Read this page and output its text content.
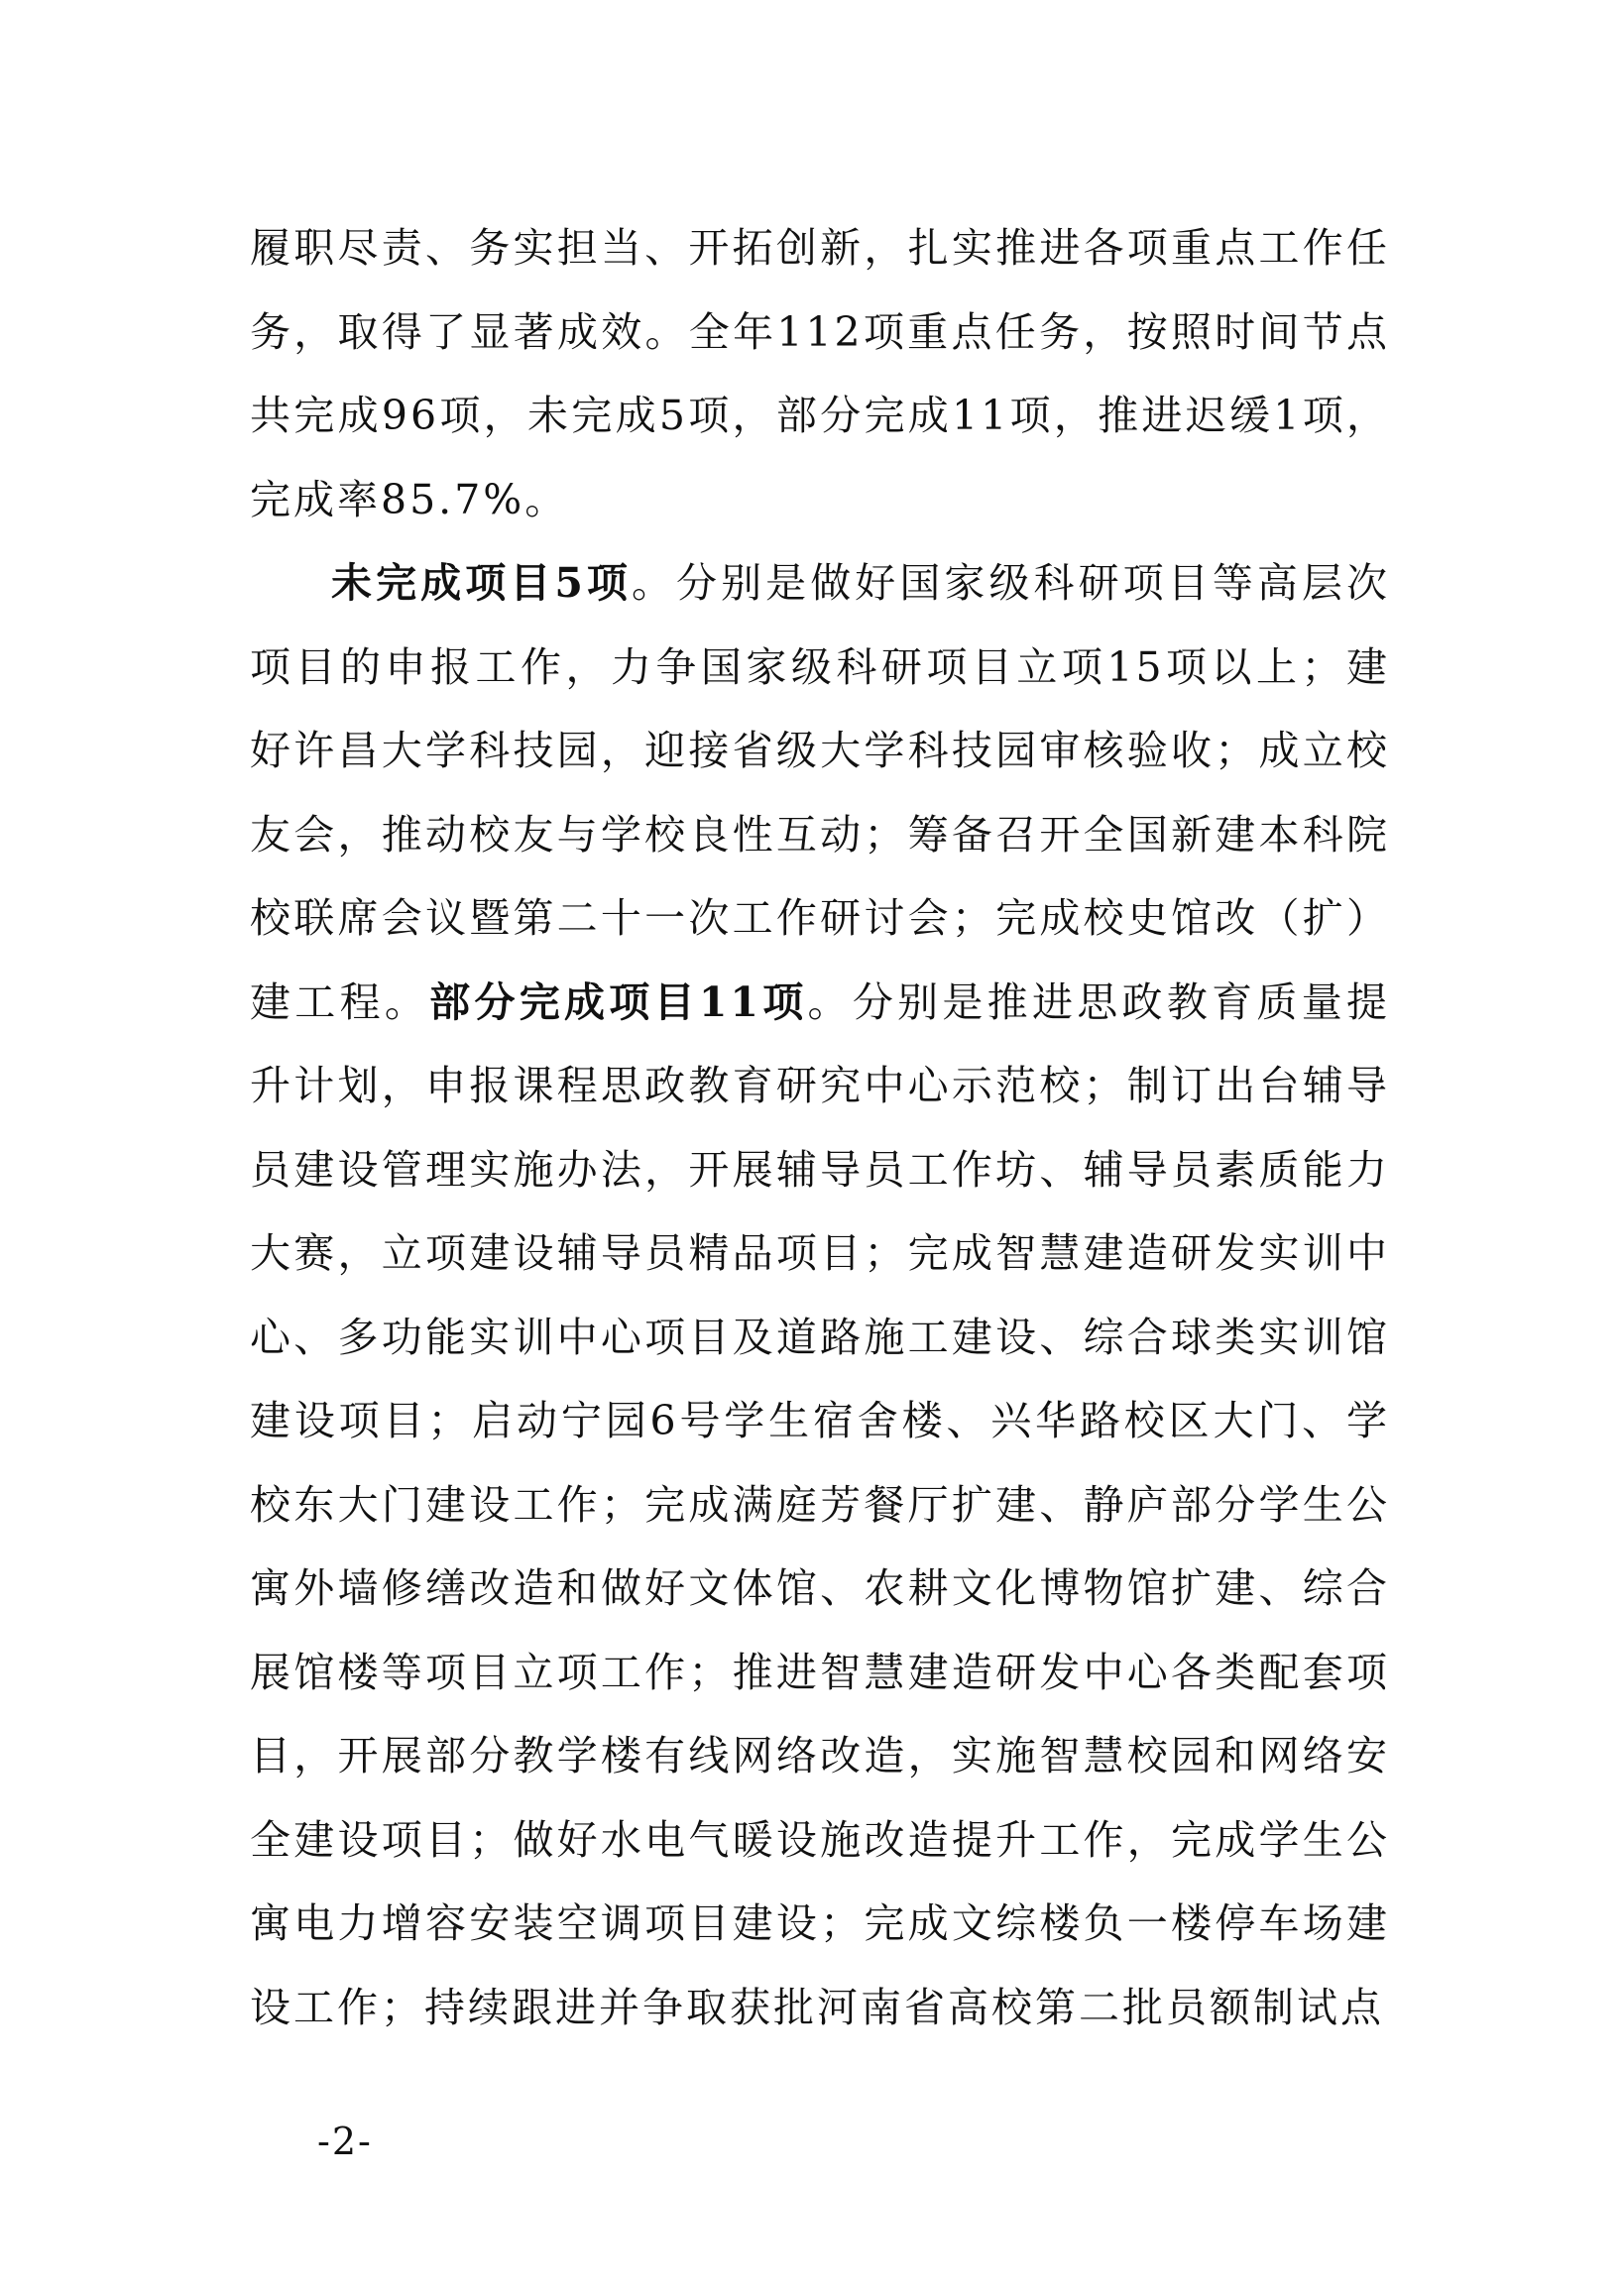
履职尽责、务实担当、开拓创新，扎实推进各项重点工作任务，取得了显著成效。全年112项重点任务，按照时间节点共完成96项，未完成5项，部分完成11项，推进迟缓1项，完成率85.7%。

未完成项目5项。分别是做好国家级科研项目等高层次项目的申报工作，力争国家级科研项目立项15项以上；建好许昌大学科技园，迎接省级大学科技园审核验收；成立校友会，推动校友与学校良性互动；筹备召开全国新建本科院校联席会议暨第二十一次工作研讨会；完成校史馆改（扩）建工程。部分完成项目11项。分别是推进思政教育质量提升计划，申报课程思政教育研究中心示范校；制订出台辅导员建设管理实施办法，开展辅导员工作坊、辅导员素质能力大赛，立项建设辅导员精品项目；完成智慧建造研发实训中心、多功能实训中心项目及道路施工建设、综合球类实训馆建设项目；启动宁园6号学生宿舍楼、兴华路校区大门、学校东大门建设工作；完成满庭芳餐厅扩建、静庐部分学生公寓外墙修缮改造和做好文体馆、农耕文化博物馆扩建、综合展馆楼等项目立项工作；推进智慧建造研发中心各类配套项目，开展部分教学楼有线网络改造，实施智慧校园和网络安全建设项目；做好水电气暖设施改造提升工作，完成学生公寓电力增容安装空调项目建设；完成文综楼负一楼停车场建设工作；持续跟进并争取获批河南省高校第二批员额制试点

-2-
